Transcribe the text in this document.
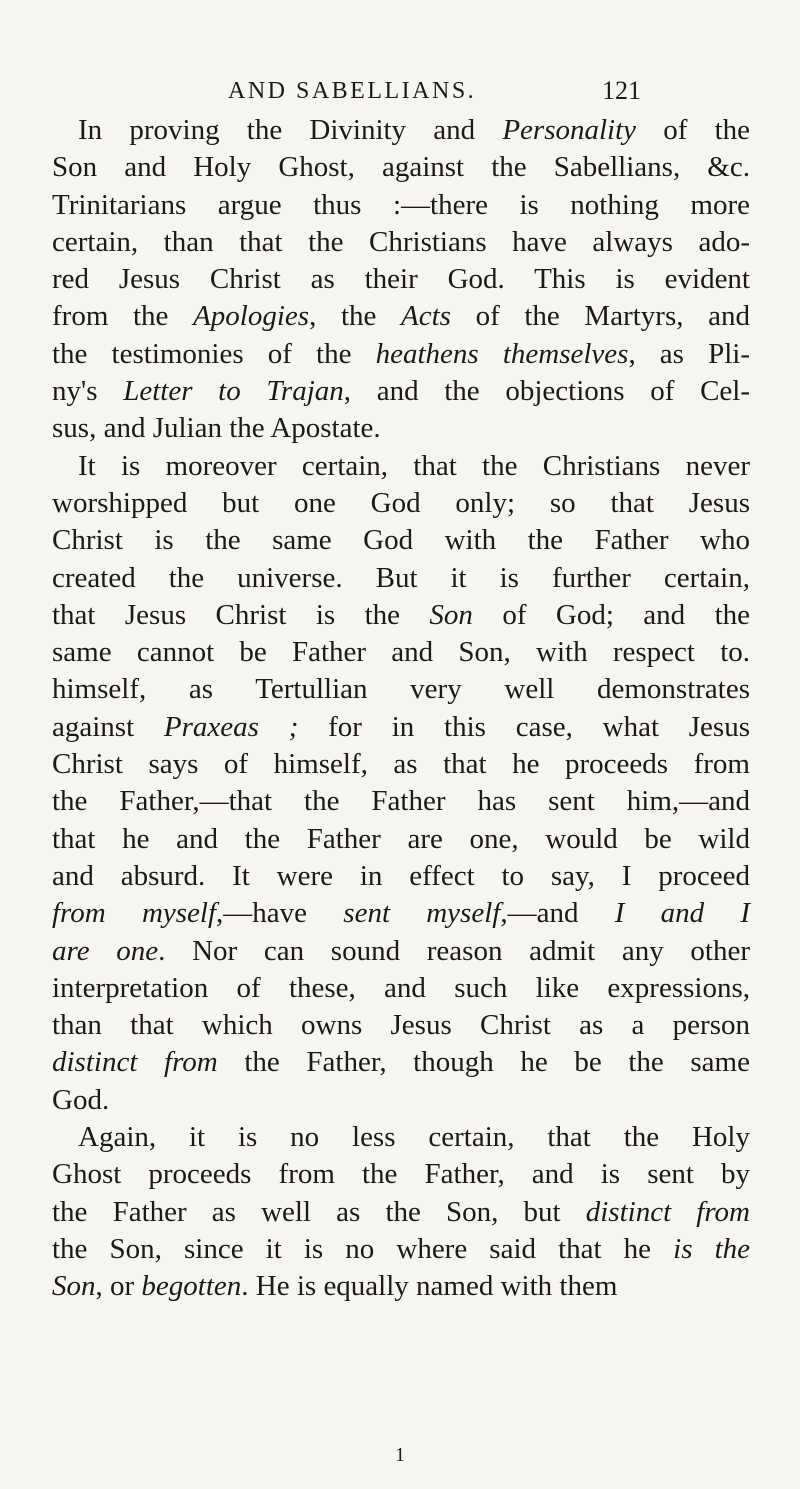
AND SABELLIANS.	121
In proving the Divinity and Personality of the
Son and Holy Ghost, against the Sabellians, &c.
Trinitarians argue thus :—there is nothing more
certain, than that the Christians have always ado-
red Jesus Christ as their God. This is evident
from the Apologies, the Acts of the Martyrs, and
the testimonies of the heathens themselves, as Pli-
ny's Letter to Trajan, and the objections of Cel-
sus, and Julian the Apostate.
It is moreover certain, that the Christians never
worshipped but one God only; so that Jesus
Christ is the same God with the Father who
created the universe. But it is further certain,
that Jesus Christ is the Son of God; and the
same cannot be Father and Son, with respect to.
himself, as Tertullian very well demonstrates
against Praxeas ; for in this case, what Jesus
Christ says of himself, as that he proceeds from
the Father,—that the Father has sent him,—and
that he and the Father are one, would be wild
and absurd. It were in effect to say, I proceed
from myself,—have sent myself,—and I and I
are one. Nor can sound reason admit any other
interpretation of these, and such like expressions,
than that which owns Jesus Christ as a person
distinct from the Father, though he be the same
God.
Again, it is no less certain, that the Holy
Ghost proceeds from the Father, and is sent by
the Father as well as the Son, but distinct from
the Son, since it is no where said that he is the
Son, or begotten. He is equally named with them
1
